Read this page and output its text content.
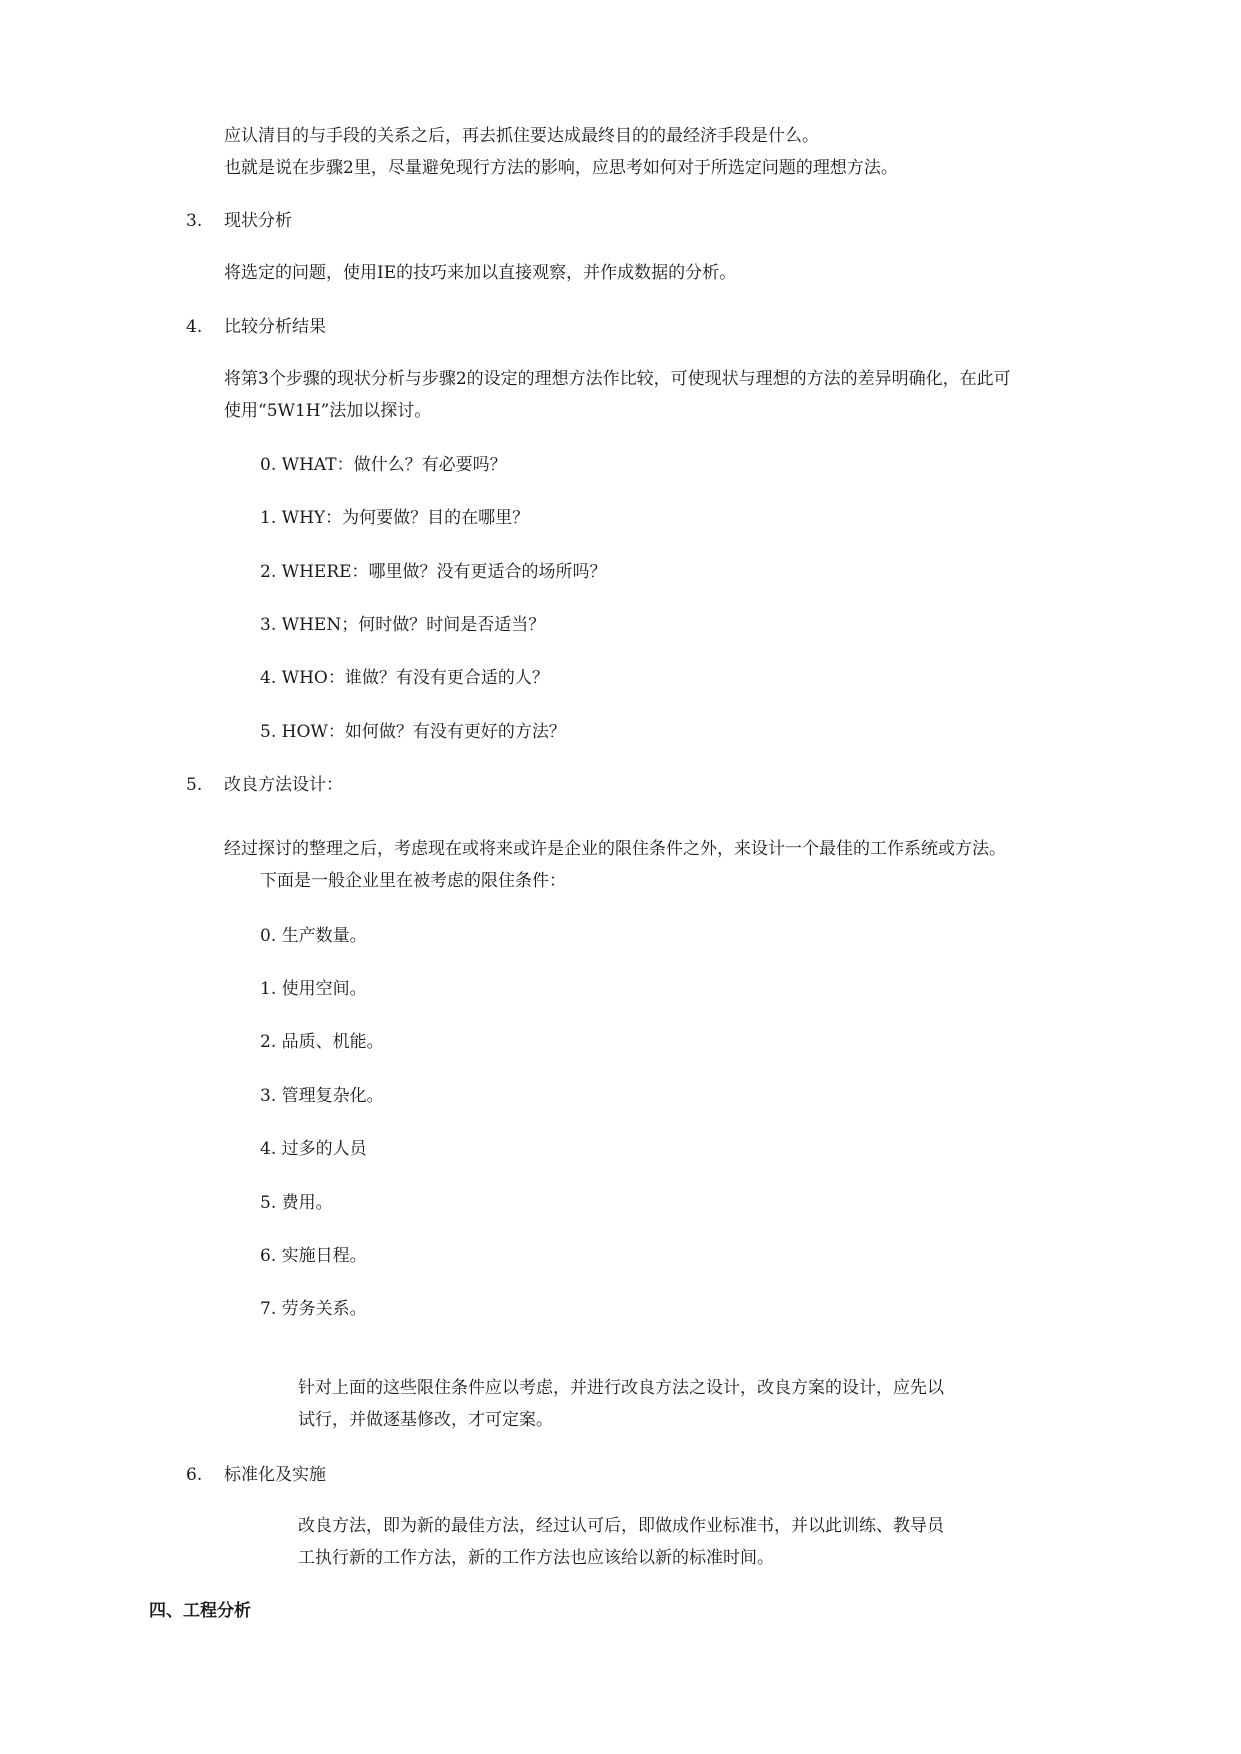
应认清目的与手段的关系之后，再去抓住要达成最终目的的最经济手段是什么。
也就是说在步骤2里，尽量避免现行方法的影响，应思考如何对于所选定问题的理想方法。
3. 现状分析
将选定的问题，使用IE的技巧来加以直接观察，并作成数据的分析。
4. 比较分析结果
将第3个步骤的现状分析与步骤2的设定的理想方法作比较，可使现状与理想的方法的差异明确化，在此可
使用“5W1H”法加以探讨。
0. WHAT：做什么？有必要吗？
1. WHY：为何要做？目的在哪里？
2. WHERE：哪里做？没有更适合的场所吗？
3. WHEN；何时做？时间是否适当？
4. WHO：谁做？有没有更合适的人？
5. HOW：如何做？有没有更好的方法？
5. 改良方法设计：
经过探讨的整理之后，考虑现在或将来或许是企业的限住条件之外，来设计一个最佳的工作系统或方法。
下面是一般企业里在被考虑的限住条件：
0. 生产数量。
1. 使用空间。
2. 品质、机能。
3. 管理复杂化。
4. 过多的人员
5. 费用。
6. 实施日程。
7. 劳务关系。
针对上面的这些限住条件应以考虑，并进行改良方法之设计，改良方案的设计，应先以
试行，并做逐基修改，才可定案。
6. 标准化及实施
改良方法，即为新的最佳方法，经过认可后，即做成作业标准书，并以此训练、教导员
工执行新的工作方法，新的工作方法也应该给以新的标准时间。
四、工程分析
